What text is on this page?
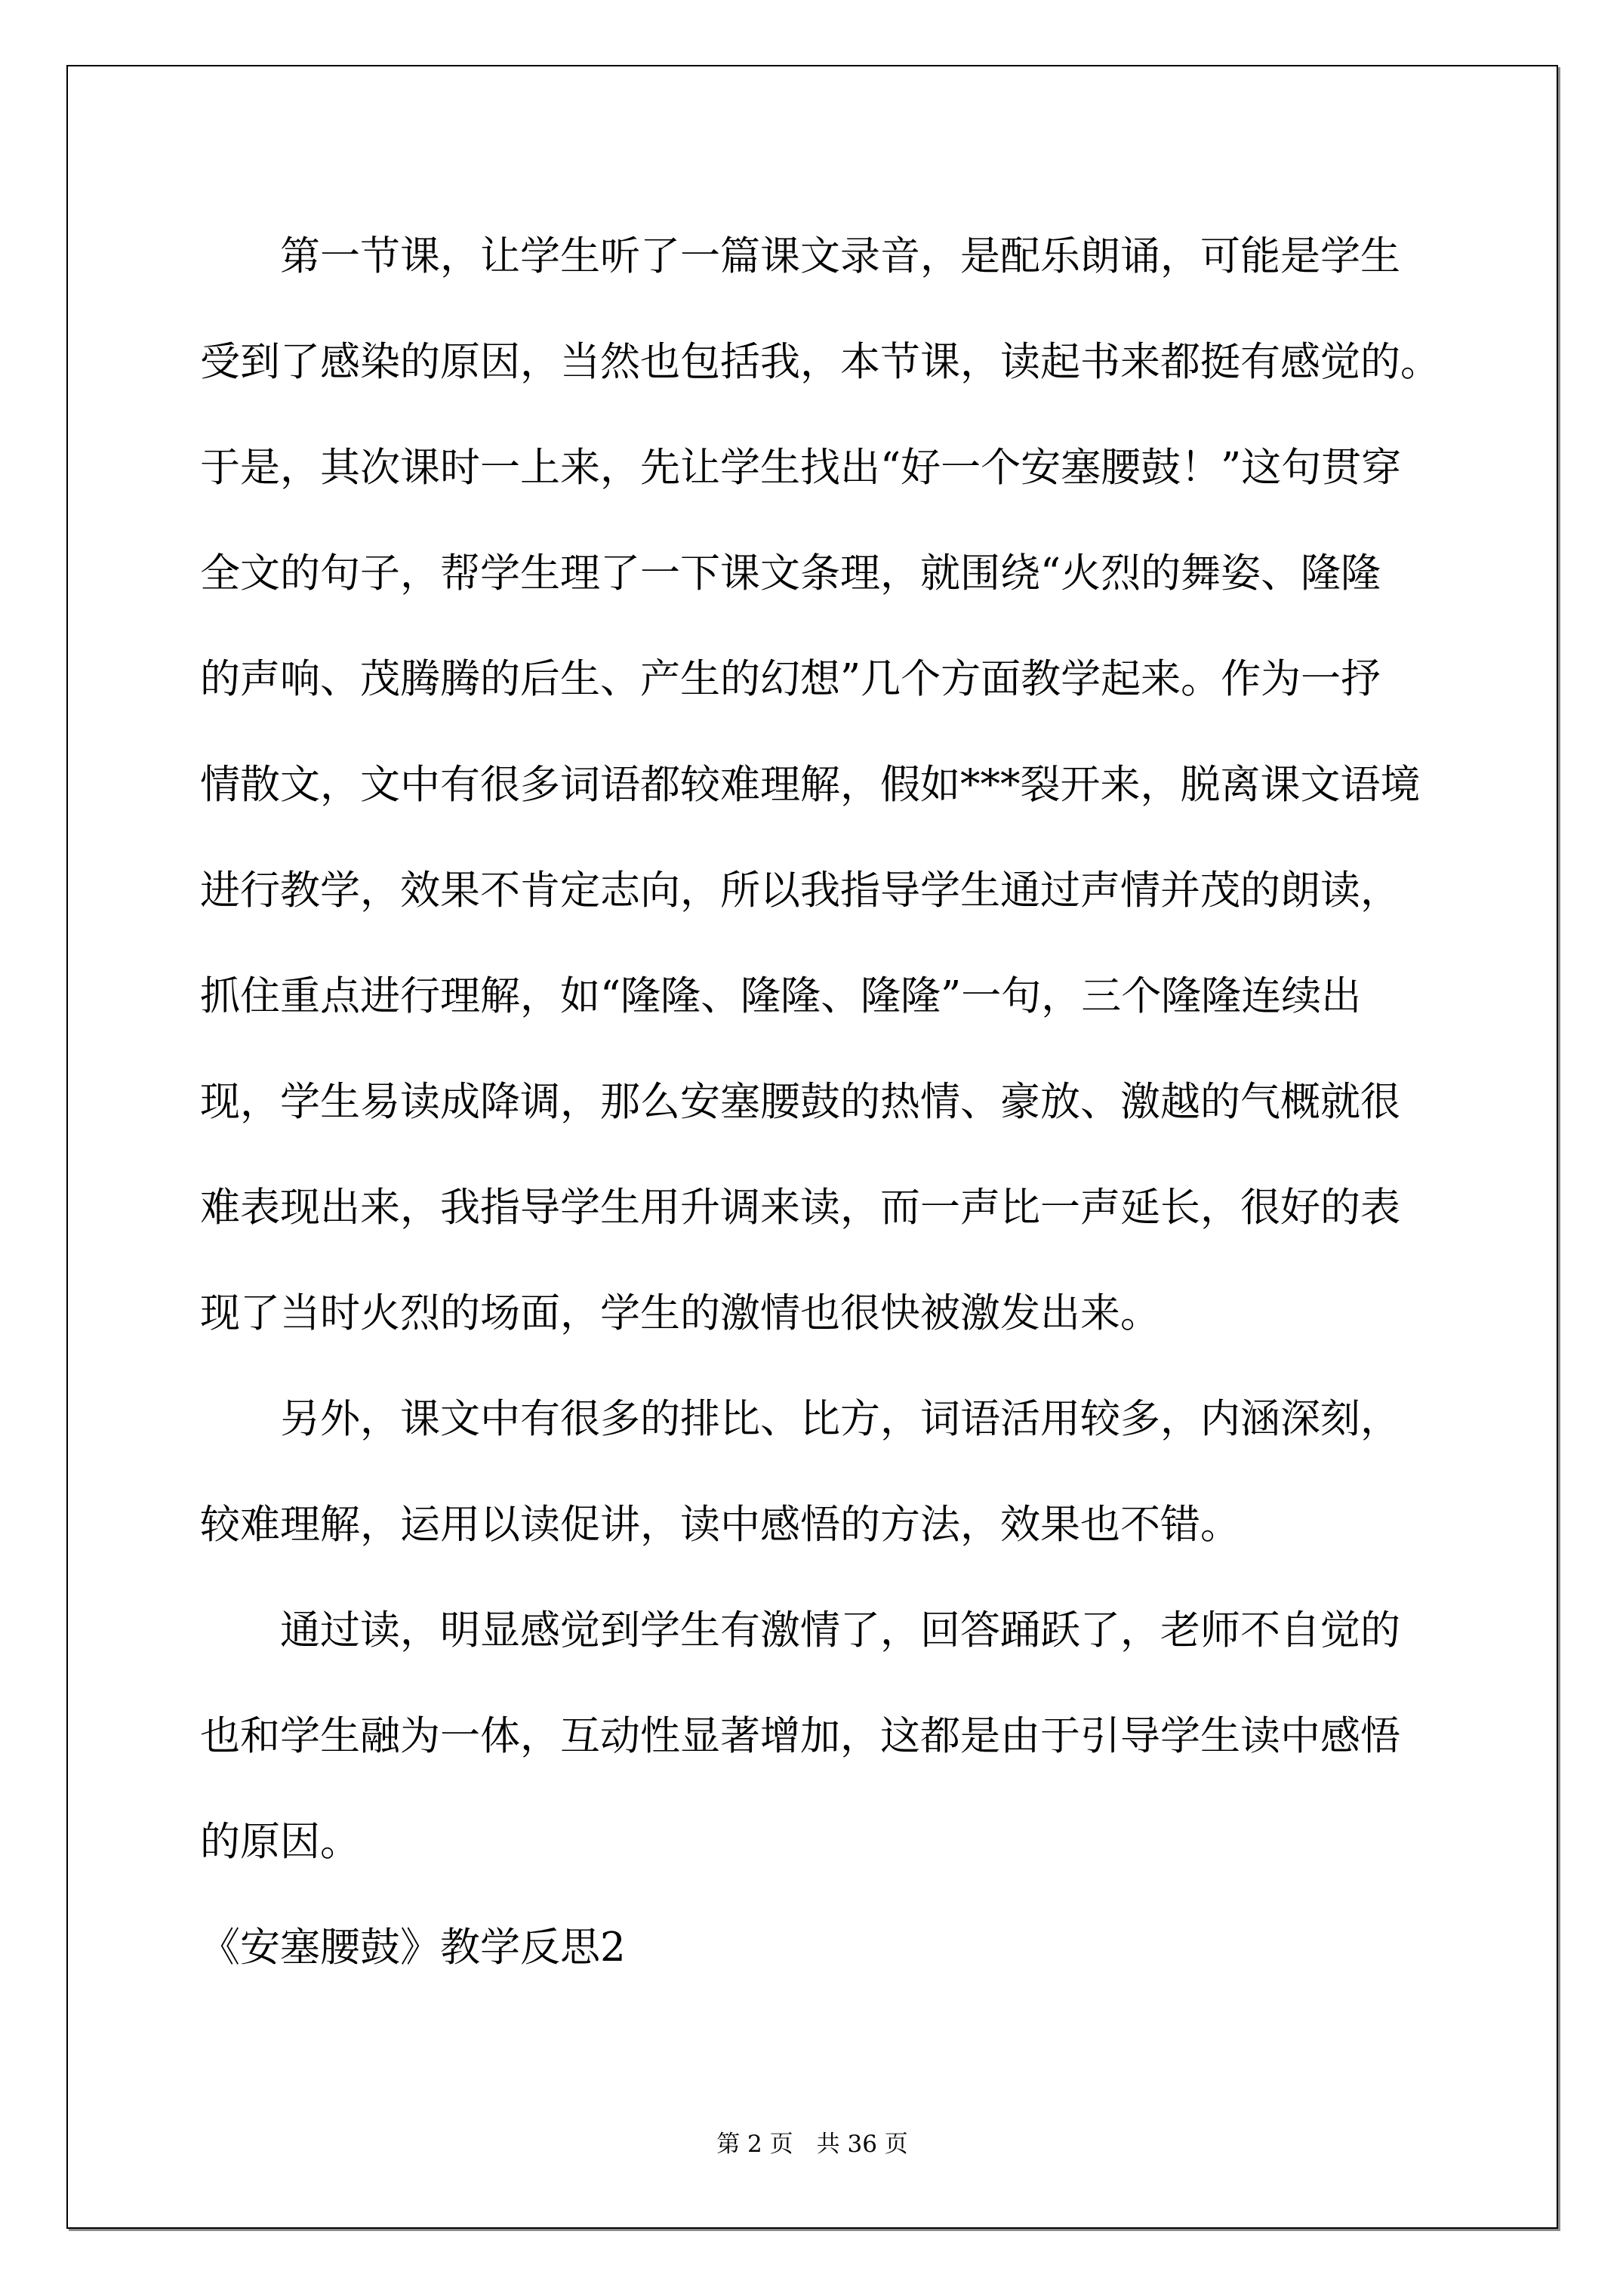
第一节课，让学生听了一篇课文录音，是配乐朗诵，可能是学生
受到了感染的原因，当然也包括我，本节课，读起书来都挺有感觉的。
于是，其次课时一上来，先让学生找出“好一个安塞腰鼓！”这句贯穿
全文的句子，帮学生理了一下课文条理，就围绕“火烈的舞姿、隆隆
的声响、茂腾腾的后生、产生的幻想”几个方面教学起来。作为一抒
情散文，文中有很多词语都较难理解，假如***裂开来，脱离课文语境
进行教学，效果不肯定志向，所以我指导学生通过声情并茂的朗读，
抓住重点进行理解，如“隆隆、隆隆、隆隆”一句，三个隆隆连续出
现，学生易读成降调，那么安塞腰鼓的热情、豪放、激越的气概就很
难表现出来，我指导学生用升调来读，而一声比一声延长，很好的表
现了当时火烈的场面，学生的激情也很快被激发出来。
另外，课文中有很多的排比、比方，词语活用较多，内涵深刻，
较难理解，运用以读促讲，读中感悟的方法，效果也不错。
通过读，明显感觉到学生有激情了，回答踊跃了，老师不自觉的
也和学生融为一体，互动性显著增加，这都是由于引导学生读中感悟
的原因。
《安塞腰鼓》教学反思2
第 2 页　共 36 页
